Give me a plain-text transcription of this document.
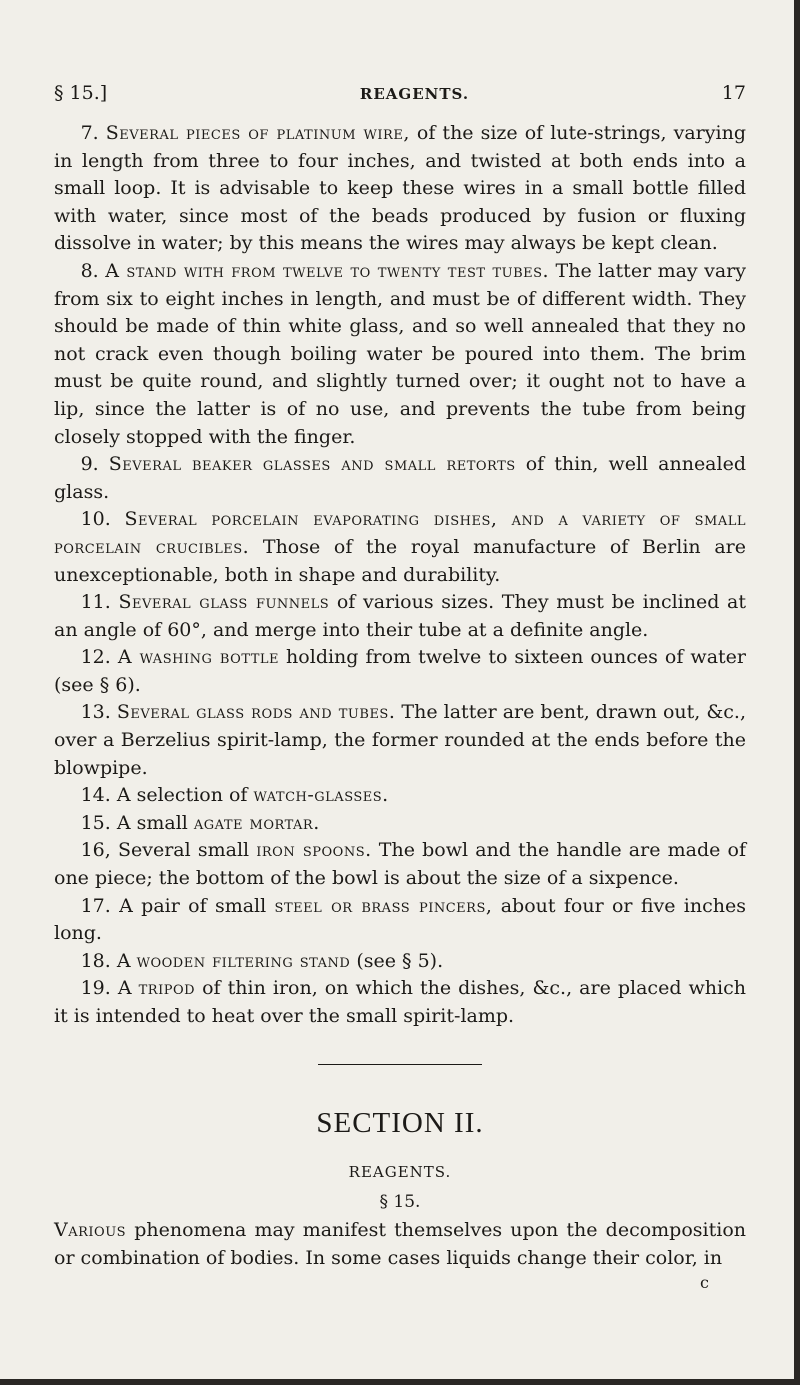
§ 15.]	REAGENTS.	17

7. Several pieces of platinum wire, of the size of lute-strings, varying in length from three to four inches, and twisted at both ends into a small loop. It is advisable to keep these wires in a small bottle filled with water, since most of the beads produced by fusion or fluxing dissolve in water; by this means the wires may always be kept clean.

8. A stand with from twelve to twenty test tubes. The latter may vary from six to eight inches in length, and must be of different width. They should be made of thin white glass, and so well annealed that they no not crack even though boiling water be poured into them. The brim must be quite round, and slightly turned over; it ought not to have a lip, since the latter is of no use, and prevents the tube from being closely stopped with the finger.

9. Several beaker glasses and small retorts of thin, well annealed glass.

10. Several porcelain evaporating dishes, and a variety of small porcelain crucibles. Those of the royal manufacture of Berlin are unexceptionable, both in shape and durability.

11. Several glass funnels of various sizes. They must be inclined at an angle of 60°, and merge into their tube at a definite angle.

12. A washing bottle holding from twelve to sixteen ounces of water (see § 6).

13. Several glass rods and tubes. The latter are bent, drawn out, &c., over a Berzelius spirit-lamp, the former rounded at the ends before the blowpipe.

14. A selection of watch-glasses.

15. A small agate mortar.

16, Several small iron spoons. The bowl and the handle are made of one piece; the bottom of the bowl is about the size of a sixpence.

17. A pair of small steel or brass pincers, about four or five inches long.

18. A wooden filtering stand (see § 5).

19. A tripod of thin iron, on which the dishes, &c., are placed which it is intended to heat over the small spirit-lamp.

SECTION II.
REAGENTS.
§ 15.

Various phenomena may manifest themselves upon the decomposition or combination of bodies. In some cases liquids change their color, in

c
